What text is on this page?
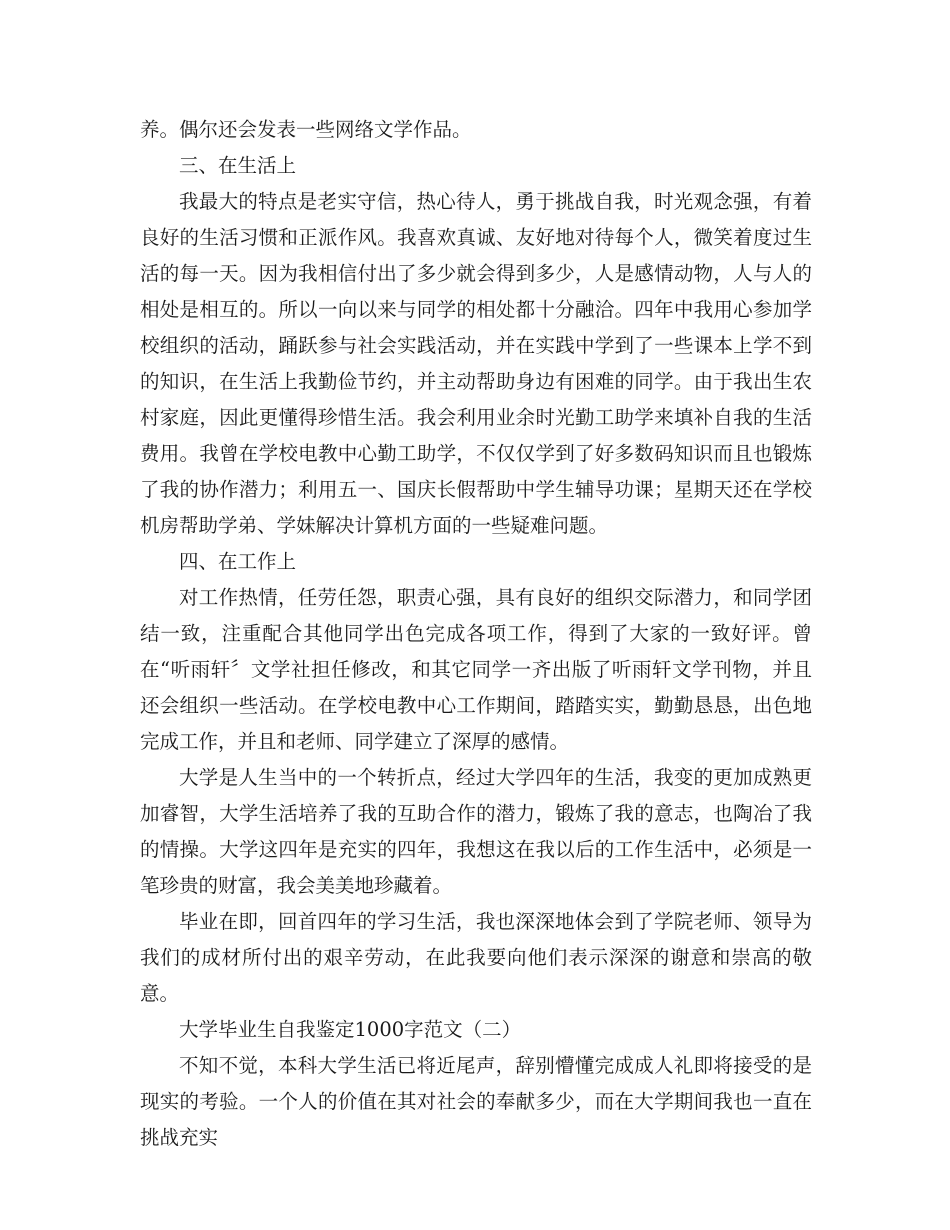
养。偶尔还会发表一些网络文学作品。

三、在生活上

我最大的特点是老实守信，热心待人，勇于挑战自我，时光观念强，有着良好的生活习惯和正派作风。我喜欢真诚、友好地对待每个人，微笑着度过生活的每一天。因为我相信付出了多少就会得到多少，人是感情动物，人与人的相处是相互的。所以一向以来与同学的相处都十分融洽。四年中我用心参加学校组织的活动，踊跃参与社会实践活动，并在实践中学到了一些课本上学不到的知识，在生活上我勤俭节约，并主动帮助身边有困难的同学。由于我出生农村家庭，因此更懂得珍惜生活。我会利用业余时光勤工助学来填补自我的生活费用。我曾在学校电教中心勤工助学，不仅仅学到了好多数码知识而且也锻炼了我的协作潜力；利用五一、国庆长假帮助中学生辅导功课；星期天还在学校机房帮助学弟、学妹解决计算机方面的一些疑难问题。

四、在工作上

对工作热情，任劳任怨，职责心强，具有良好的组织交际潜力，和同学团结一致，注重配合其他同学出色完成各项工作，得到了大家的一致好评。曾在“听雨轩〞文学社担任修改，和其它同学一齐出版了听雨轩文学刊物，并且还会组织一些活动。在学校电教中心工作期间，踏踏实实，勤勤恳恳，出色地完成工作，并且和老师、同学建立了深厚的感情。

大学是人生当中的一个转折点，经过大学四年的生活，我变的更加成熟更加睿智，大学生活培养了我的互助合作的潜力，锻炼了我的意志，也陶冶了我的情操。大学这四年是充实的四年，我想这在我以后的工作生活中，必须是一笔珍贵的财富，我会美美地珍藏着。

毕业在即，回首四年的学习生活，我也深深地体会到了学院老师、领导为我们的成材所付出的艰辛劳动，在此我要向他们表示深深的谢意和崇高的敬意。

大学毕业生自我鉴定1000字范文（二）

不知不觉，本科大学生活已将近尾声，辞别懵懂完成成人礼即将接受的是现实的考验。一个人的价值在其对社会的奉献多少，而在大学期间我也一直在挑战充实
